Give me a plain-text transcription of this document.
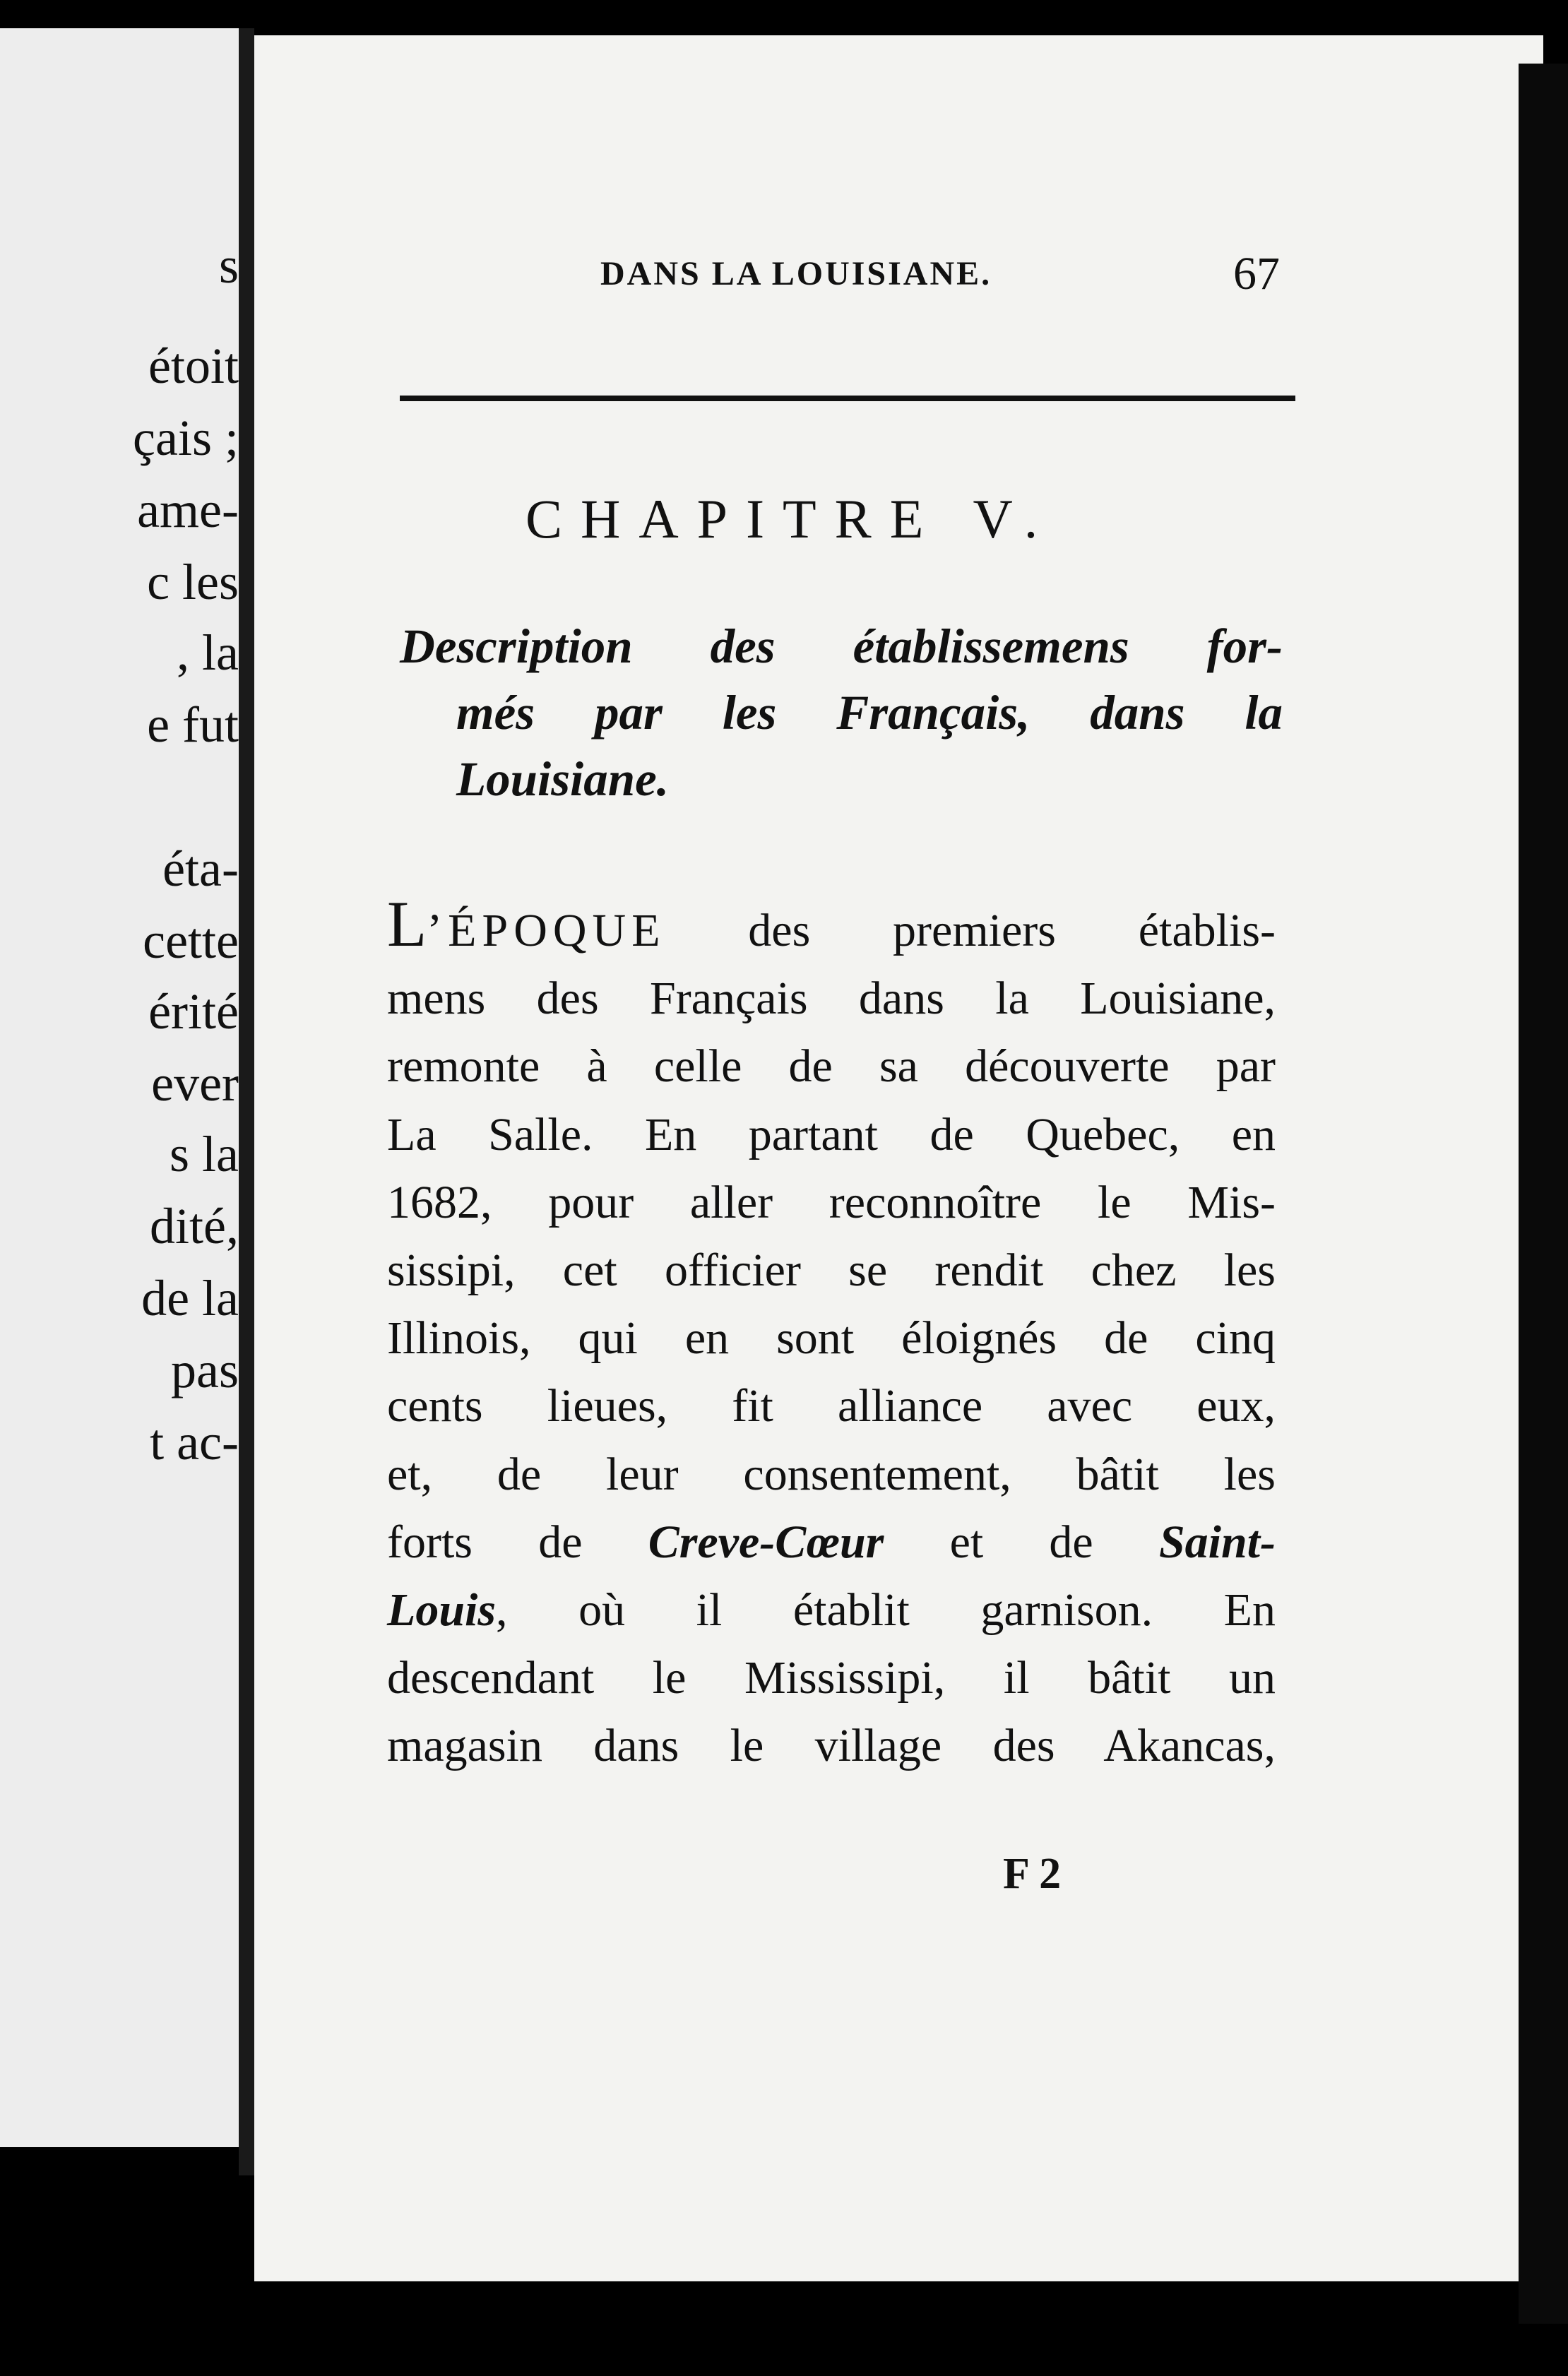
s
étoit
çais ;
ame-
c les
, la
e fut
éta-
cette
érité
ever
s la
dité,
de la
pas
t ac-
DANS LA LOUISIANE.	67
CHAPITRE V.
Description des établissemens for-
més par les Français, dans la
Louisiane.
L’ÉPOQUE des premiers établis-
mens des Français dans la Louisiane,
remonte à celle de sa découverte par
La Salle. En partant de Quebec, en
1682, pour aller reconnoître le Mis-
sissipi, cet officier se rendit chez les
Illinois, qui en sont éloignés de cinq
cents lieues, fit alliance avec eux,
et, de leur consentement, bâtit les
forts de Creve-Cœur et de Saint-
Louis, où il établit garnison. En
descendant le Mississipi, il bâtit un
magasin dans le village des Akancas,
F 2
